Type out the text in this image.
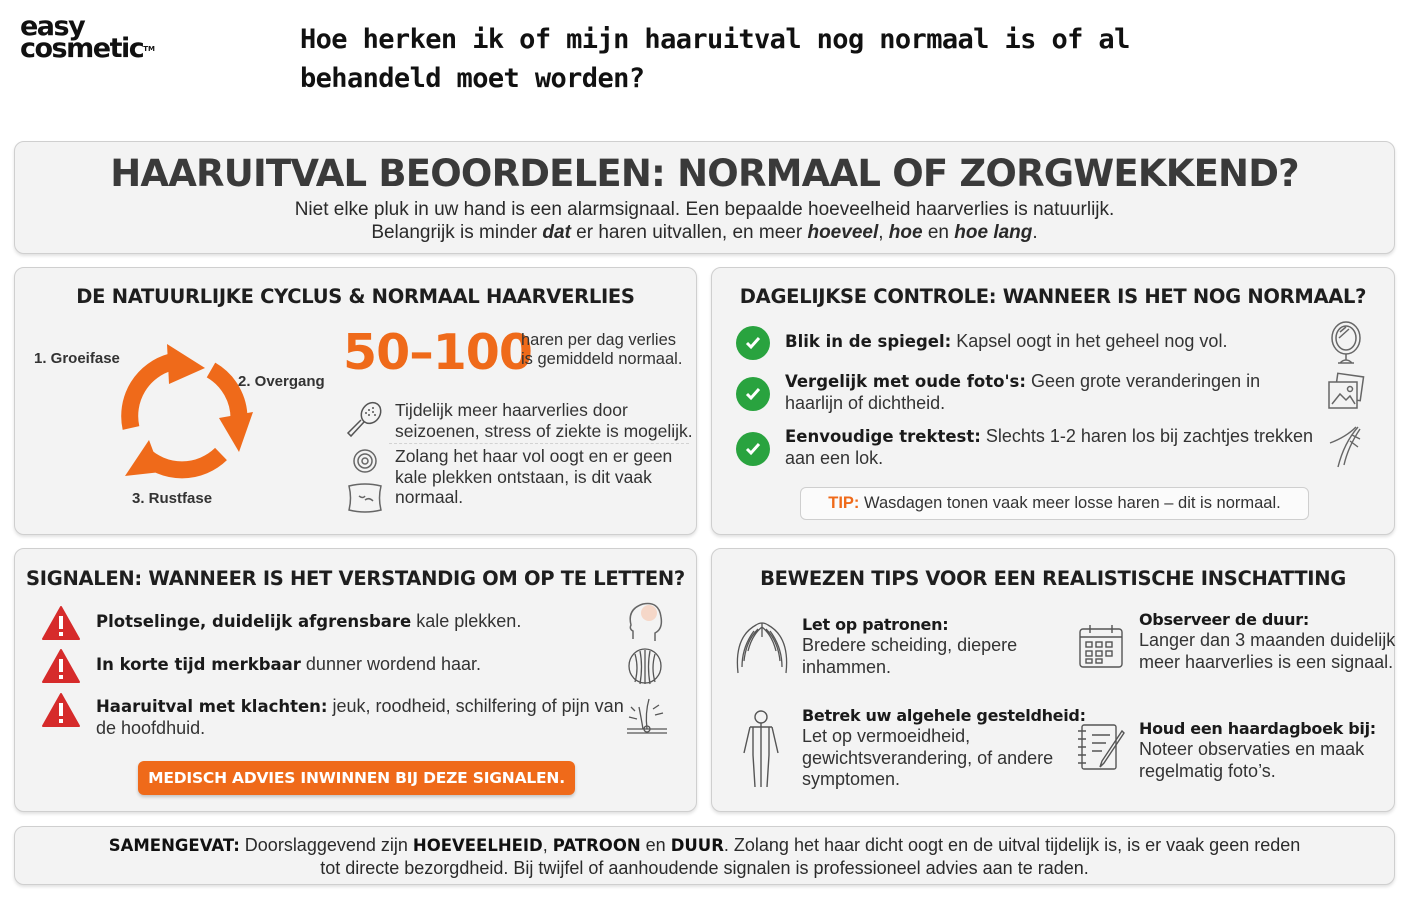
easy
cosmetic™	Hoe herken ik of mijn haaruitval nog normaal is of al behandeld moet worden?
HAARUITVAL BEOORDELEN: NORMAAL OF ZORGWEKKEND?

Niet elke pluk in uw hand is een alarmsignaal. Een bepaalde hoeveelheid haarverlies is natuurlijk.

Belangrijk is minder dat er haren uitvallen, en meer hoeveel, hoe en hoe lang.

DE NATUURLIJKE CYCLUS & NORMAAL HAARVERLIES
1. Groeifase
2. Overgang
3. Rustfase
50–100
haren per dag verlies is gemiddeld normaal.
Tijdelijk meer haarverlies door seizoenen, stress of ziekte is mogelijk.
Zolang het haar vol oogt en er geen kale plekken ontstaan, is dit vaak normaal.
DAGELIJKSE CONTROLE: WANNEER IS HET NOG NORMAAL?
Blik in de spiegel: Kapsel oogt in het geheel nog vol.
Vergelijk met oude foto's: Geen grote veranderingen in haarlijn of dichtheid.
Eenvoudige trektest: Slechts 1-2 haren los bij zachtjes trekken aan een lok.
TIP: Wasdagen tonen vaak meer losse haren – dit is normaal.
SIGNALEN: WANNEER IS HET VERSTANDIG OM OP TE LETTEN?
Plotselinge, duidelijk afgrensbare kale plekken.
In korte tijd merkbaar dunner wordend haar.
Haaruitval met klachten: jeuk, roodheid, schilfering of pijn van de hoofdhuid.
MEDISCH ADVIES INWINNEN BIJ DEZE SIGNALEN.
BEWEZEN TIPS VOOR EEN REALISTISCHE INSCHATTING
Let op patronen:
Bredere scheiding, diepere inhammen.
Observeer de duur:
Langer dan 3 maanden duidelijk meer haarverlies is een signaal.
Betrek uw algehele gesteldheid:
Let op vermoeidheid, gewichtsverandering, of andere symptomen.
Houd een haardagboek bij:
Noteer observaties en maak regelmatig foto’s.

SAMENGEVAT: Doorslaggevend zijn HOEVEELHEID, PATROON en DUUR. Zolang het haar dicht oogt en de uitval tijdelijk is, is er vaak geen reden

tot directe bezorgdheid. Bij twijfel of aanhoudende signalen is professioneel advies aan te raden.
